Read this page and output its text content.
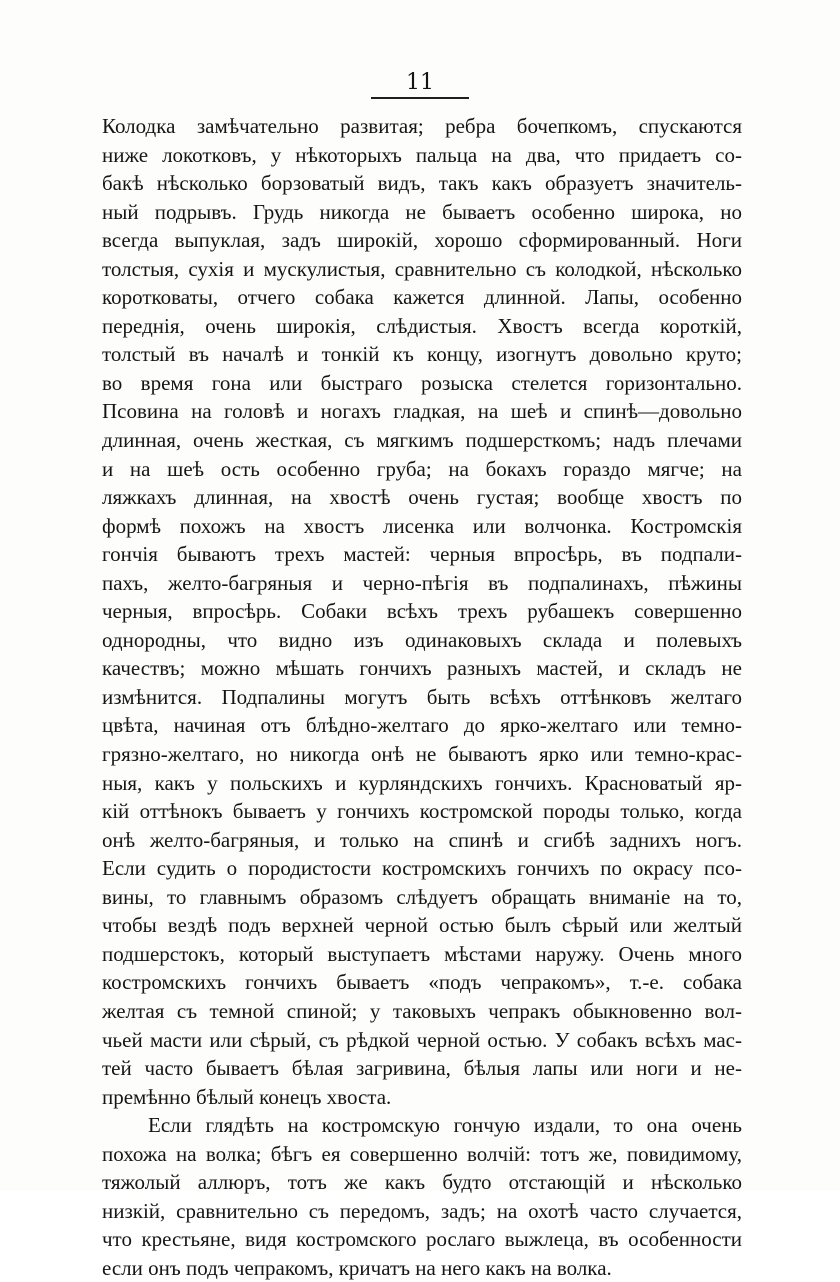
11
Колодка замѣчательно развитая; ребра бочепкомъ, спускаются
ниже локотковъ, у нѣкоторыхъ пальца на два, что придаетъ со-
бакѣ нѣсколько борзоватый видъ, такъ какъ образуетъ значитель-
ный подрывъ. Грудь никогда не бываетъ особенно широка, но
всегда выпуклая, задъ широкій, хорошо сформированный. Ноги
толстыя, сухія и мускулистыя, сравнительно съ колодкой, нѣсколько
коротковаты, отчего собака кажется длинной. Лапы, особенно
переднія, очень широкія, слѣдистыя. Хвостъ всегда короткій,
толстый въ началѣ и тонкій къ концу, изогнутъ довольно круто;
во время гона или быстраго розыска стелется горизонтально.
Псовина на головѣ и ногахъ гладкая, на шеѣ и спинѣ—довольно
длинная, очень жесткая, съ мягкимъ подшерсткомъ; надъ плечами
и на шеѣ ость особенно груба; на бокахъ гораздо мягче; на
ляжкахъ длинная, на хвостѣ очень густая; вообще хвостъ по
формѣ похожъ на хвостъ лисенка или волчонка. Костромскія
гончія бываютъ трехъ мастей: черныя впросѣрь, въ подпали-
пахъ, желто-багряныя и черно-пѣгія въ подпалинахъ, пѣжины
черныя, впросѣрь. Собаки всѣхъ трехъ рубашекъ совершенно
однородны, что видно изъ одинаковыхъ склада и полевыхъ
качествъ; можно мѣшать гончихъ разныхъ мастей, и складъ не
измѣнится. Подпалины могутъ быть всѣхъ оттѣнковъ желтаго
цвѣта, начиная отъ блѣдно-желтаго до ярко-желтаго или темно-
грязно-желтаго, но никогда онѣ не бываютъ ярко или темно-крас-
ныя, какъ у польскихъ и курляндскихъ гончихъ. Красноватый яр-
кій оттѣнокъ бываетъ у гончихъ костромской породы только, когда
онѣ желто-багряныя, и только на спинѣ и сгибѣ заднихъ ногъ.
Если судить о породистости костромскихъ гончихъ по окрасу псо-
вины, то главнымъ образомъ слѣдуетъ обращать вниманіе на то,
чтобы вездѣ подъ верхней черной остью былъ сѣрый или желтый
подшерстокъ, который выступаетъ мѣстами наружу. Очень много
костромскихъ гончихъ бываетъ «подъ чепракомъ», т.-е. собака
желтая съ темной спиной; у таковыхъ чепракъ обыкновенно вол-
чьей масти или сѣрый, съ рѣдкой черной остью. У собакъ всѣхъ мас-
тей часто бываетъ бѣлая загривина, бѣлыя лапы или ноги и не-
премѣнно бѣлый конецъ хвоста.
Если глядѣть на костромскую гончую издали, то она очень
похожа на волка; бѣгъ ея совершенно волчій: тотъ же, повидимому,
тяжолый аллюръ, тотъ же какъ будто отстающій и нѣсколько
низкій, сравнительно съ передомъ, задъ; на охотѣ часто случается,
что крестьяне, видя костромского рослаго выжлеца, въ особенности
если онъ подъ чепракомъ, кричатъ на него какъ на волка.
